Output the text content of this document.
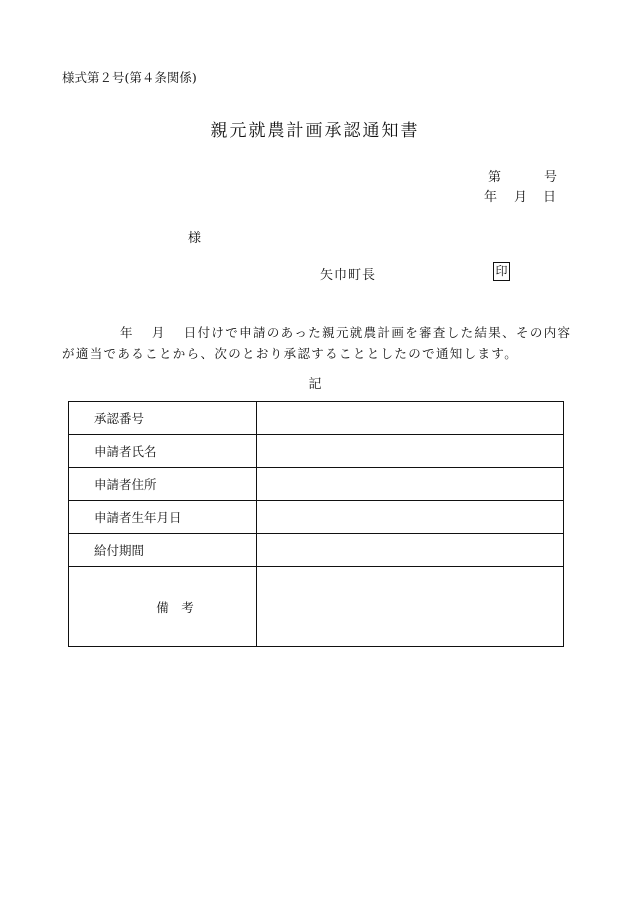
様式第２号(第４条関係)
親元就農計画承認通知書
第	号
年 月 日
様
矢巾町長	印
年 月 日付けで申請のあった親元就農計画を審査した結果、その内容
が適当であることから、次のとおり承認することとしたので通知します。
記
承認番号	
申請者氏名	
申請者住所	
申請者生年月日	
給付期間	
備　考	
